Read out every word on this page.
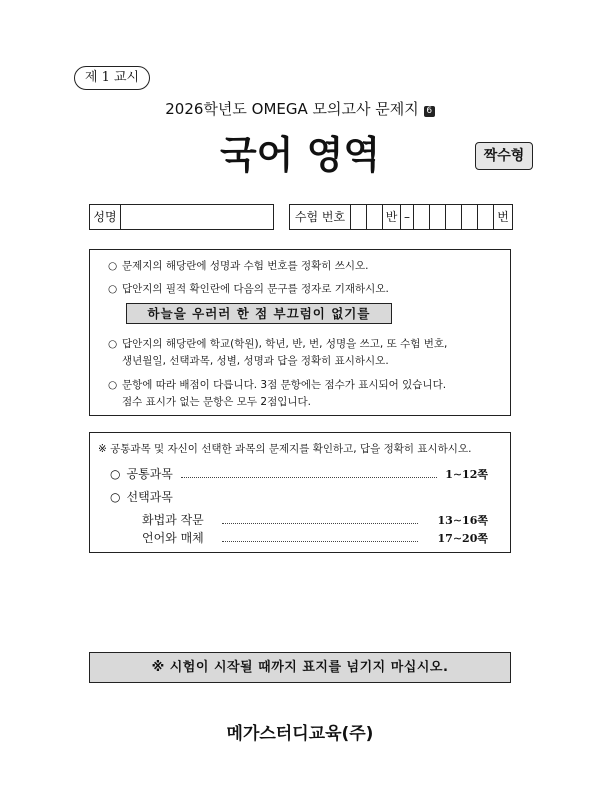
제 1 교시
2026학년도 OMEGA 모의고사 문제지 6
국어 영역	짝수형
성명	수험 번호	반 –	번
○ 문제지의 해당란에 성명과 수험 번호를 정확히 쓰시오.
○ 답안지의 필적 확인란에 다음의 문구를 정자로 기재하시오.
하늘을 우러러 한 점 부끄럼이 없기를
○ 답안지의 해당란에 학교(학원), 학년, 반, 번, 성명을 쓰고, 또 수험 번호,
생년월일, 선택과목, 성별, 성명과 답을 정확히 표시하시오.
○ 문항에 따라 배점이 다릅니다. 3점 문항에는 점수가 표시되어 있습니다.
점수 표시가 없는 문항은 모두 2점입니다.
※ 공통과목 및 자신이 선택한 과목의 문제지를 확인하고, 답을 정확히 표시하시오.
○ 공통과목	1∼12쪽
○ 선택과목
화법과 작문	13∼16쪽
언어와 매체	17∼20쪽
※ 시험이 시작될 때까지 표지를 넘기지 마십시오.
메가스터디교육(주)
